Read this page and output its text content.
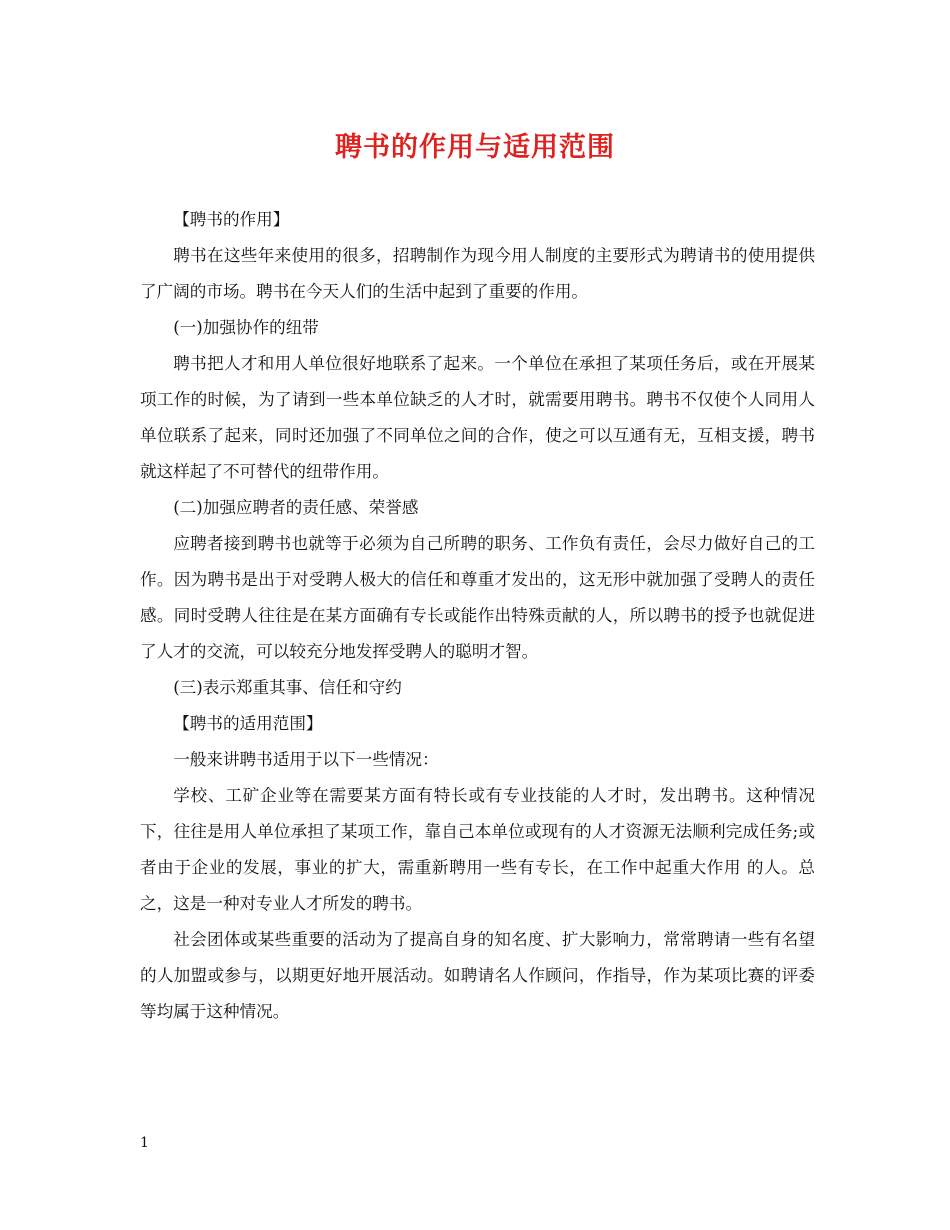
聘书的作用与适用范围

【聘书的作用】

聘书在这些年来使用的很多，招聘制作为现今用人制度的主要形式为聘请书的使用提供了广阔的市场。聘书在今天人们的生活中起到了重要的作用。

(一)加强协作的纽带

聘书把人才和用人单位很好地联系了起来。一个单位在承担了某项任务后，或在开展某项工作的时候，为了请到一些本单位缺乏的人才时，就需要用聘书。聘书不仅使个人同用人单位联系了起来，同时还加强了不同单位之间的合作，使之可以互通有无，互相支援，聘书就这样起了不可替代的纽带作用。

(二)加强应聘者的责任感、荣誉感

应聘者接到聘书也就等于必须为自己所聘的职务、工作负有责任，会尽力做好自己的工作。因为聘书是出于对受聘人极大的信任和尊重才发出的，这无形中就加强了受聘人的责任感。同时受聘人往往是在某方面确有专长或能作出特殊贡献的人，所以聘书的授予也就促进了人才的交流，可以较充分地发挥受聘人的聪明才智。

(三)表示郑重其事、信任和守约

【聘书的适用范围】

一般来讲聘书适用于以下一些情况：

学校、工矿企业等在需要某方面有特长或有专业技能的人才时，发出聘书。这种情况下，往往是用人单位承担了某项工作，靠自己本单位或现有的人才资源无法顺利完成任务;或者由于企业的发展，事业的扩大，需重新聘用一些有专长，在工作中起重大作用 的人。总之，这是一种对专业人才所发的聘书。

社会团体或某些重要的活动为了提高自身的知名度、扩大影响力，常常聘请一些有名望的人加盟或参与，以期更好地开展活动。如聘请名人作顾问，作指导，作为某项比赛的评委等均属于这种情况。

1
